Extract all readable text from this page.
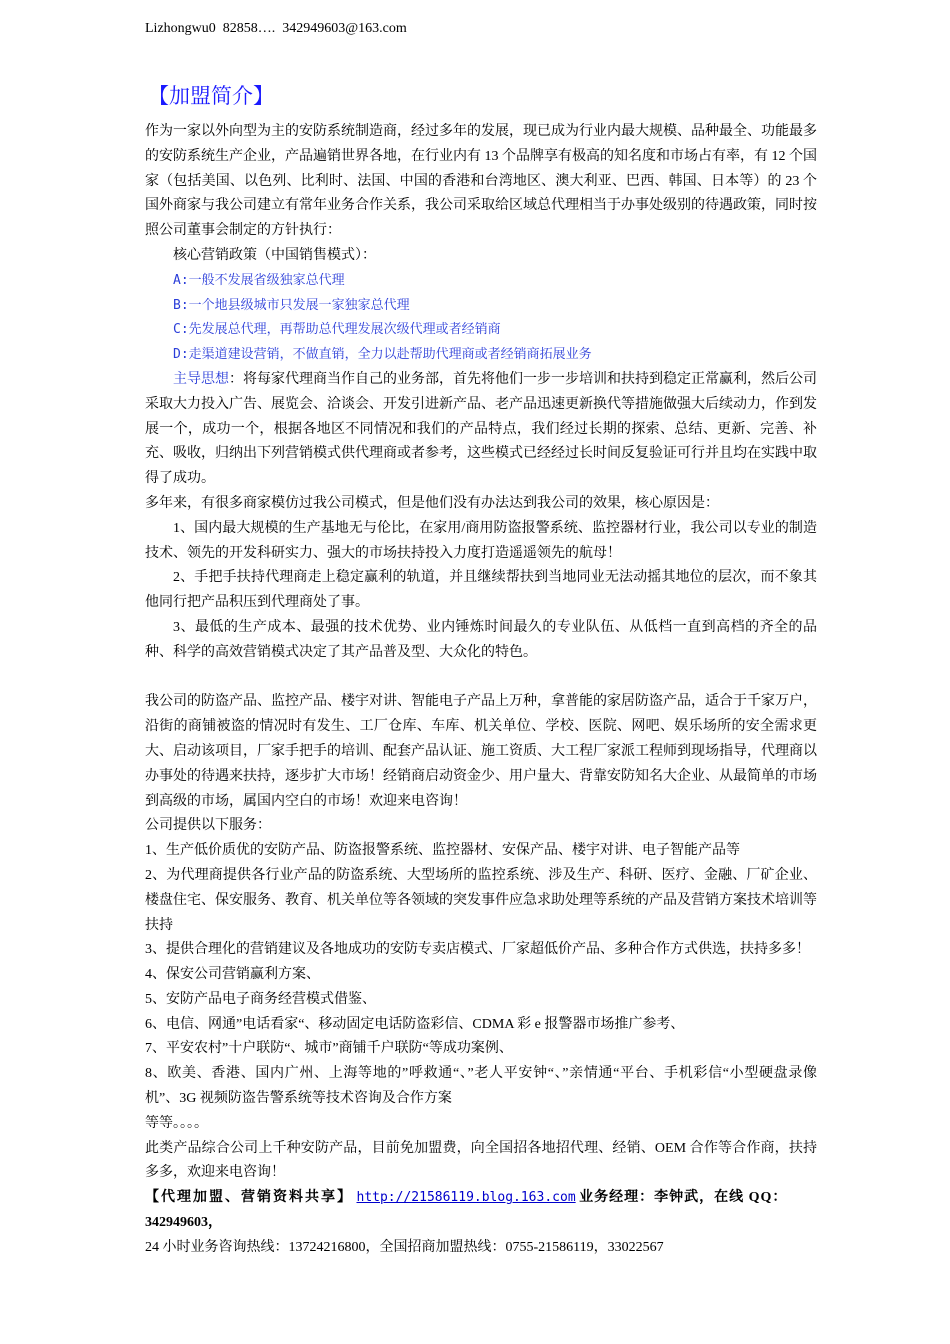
Lizhongwu0  82858….  342949603@163.com
【加盟简介】

作为一家以外向型为主的安防系统制造商，经过多年的发展，现已成为行业内最大规模、品种最全、功能最多的安防系统生产企业，产品遍销世界各地，在行业内有 13 个品牌享有极高的知名度和市场占有率，有 12 个国家（包括美国、以色列、比利时、法国、中国的香港和台湾地区、澳大利亚、巴西、韩国、日本等）的 23 个国外商家与我公司建立有常年业务合作关系，我公司采取给区域总代理相当于办事处级别的待遇政策，同时按照公司董事会制定的方针执行：

核心营销政策（中国销售模式）：

A:一般不发展省级独家总代理

B:一个地县级城市只发展一家独家总代理

C:先发展总代理，再帮助总代理发展次级代理或者经销商

D:走渠道建设营销，不做直销，全力以赴帮助代理商或者经销商拓展业务

主导思想：将每家代理商当作自己的业务部，首先将他们一步一步培训和扶持到稳定正常赢利，然后公司采取大力投入广告、展览会、洽谈会、开发引进新产品、老产品迅速更新换代等措施做强大后续动力，作到发展一个，成功一个，根据各地区不同情况和我们的产品特点，我们经过长期的探索、总结、更新、完善、补充、吸收，归纳出下列营销模式供代理商或者参考，这些模式已经经过长时间反复验证可行并且均在实践中取得了成功。

多年来，有很多商家模仿过我公司模式，但是他们没有办法达到我公司的效果，核心原因是：

1、国内最大规模的生产基地无与伦比，在家用/商用防盗报警系统、监控器材行业，我公司以专业的制造技术、领先的开发科研实力、强大的市场扶持投入力度打造遥遥领先的航母！

2、手把手扶持代理商走上稳定赢利的轨道，并且继续帮扶到当地同业无法动摇其地位的层次，而不象其他同行把产品积压到代理商处了事。

3、最低的生产成本、最强的技术优势、业内锤炼时间最久的专业队伍、从低档一直到高档的齐全的品种、科学的高效营销模式决定了其产品普及型、大众化的特色。

我公司的防盗产品、监控产品、楼宇对讲、智能电子产品上万种，拿普能的家居防盗产品，适合于千家万户，沿街的商铺被盗的情况时有发生、工厂仓库、车库、机关单位、学校、医院、网吧、娱乐场所的安全需求更大、启动该项目，厂家手把手的培训、配套产品认证、施工资质、大工程厂家派工程师到现场指导，代理商以办事处的待遇来扶持，逐步扩大市场！经销商启动资金少、用户量大、背靠安防知名大企业、从最简单的市场到高级的市场，属国内空白的市场！欢迎来电咨询！

公司提供以下服务：

1、生产低价质优的安防产品、防盗报警系统、监控器材、安保产品、楼宇对讲、电子智能产品等

2、为代理商提供各行业产品的防盗系统、大型场所的监控系统、涉及生产、科研、医疗、金融、厂矿企业、楼盘住宅、保安服务、教育、机关单位等各领域的突发事件应急求助处理等系统的产品及营销方案技术培训等扶持

3、提供合理化的营销建议及各地成功的安防专卖店模式、厂家超低价产品、多种合作方式供选，扶持多多！

4、保安公司营销赢利方案、

5、安防产品电子商务经营模式借鉴、

6、电信、网通”电话看家“、移动固定电话防盗彩信、CDMA 彩 e 报警器市场推广参考、

7、平安农村”十户联防“、城市”商铺千户联防“等成功案例、

8、欧美、香港、国内广州、上海等地的”呼救通“、”老人平安钟“、”亲情通“平台、手机彩信“小型硬盘录像机”、3G 视频防盗告警系统等技术咨询及合作方案

等等。。。。

此类产品综合公司上千种安防产品，目前免加盟费，向全国招各地招代理、经销、OEM 合作等合作商，扶持多多，欢迎来电咨询！

【代理加盟、营销资料共享】 http://21586119.blog.163.com 业务经理：李钟武，在线 QQ：

342949603，

24 小时业务咨询热线：13724216800，全国招商加盟热线：0755-21586119，33022567
